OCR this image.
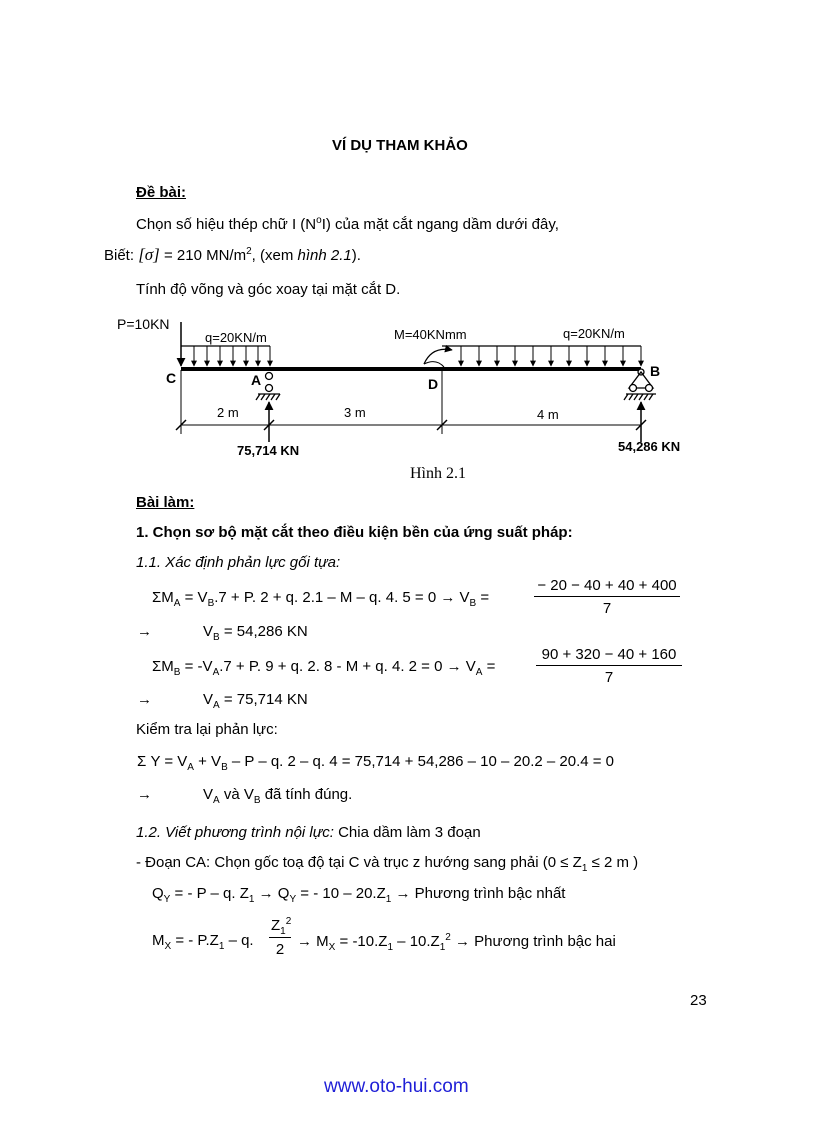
VÍ DỤ THAM KHẢO
Đề bài:
Chọn số hiệu thép chữ I $(N^oI)$ của mặt cắt ngang dầm dưới đây,
Biết: [σ] = 210 $MN/m^2$, (xem hình 2.1).
Tính độ võng và góc xoay tại mặt cắt D.
P=10KN
q=20KN/m	M=40KNmm	q=20KN/m
C	A	D
B
2 m	3 m	4 m
75,714 KN	54,286 KN
Hình 2.1
Bài làm:
1. Chọn sơ bộ mặt cắt theo điều kiện bền của ứng suất pháp:
1.1. Xác định phản lực gối tựa:
$\Sigma M_A = V_B.7 + P$. 2 + q. 2.1 – M – q. 4. $5 = 0 \to V_B$ =	$\frac{- 20 - 40 + 40 + 400}{7}$
→	$V_B = 54,286$ KN
$\Sigma M_B = -V_A.7 + P$. 9 + q. 2. 8 - M + q. 4. $2 = 0 \to V_A$ =	$\frac{90 + 320 - 40 + 160}{7}$
→	$V_A = 75,714$ KN
Kiểm tra lại phản lực:
Σ $Y = V_A + V_B - P - q$. 2 – q. 4 = 75,714 + 54,286 – 10 – 20.2 – 20.4 = 0
→	$V_A$ và $V_B$ đã tính đúng.
1.2. Viết phương trình nội lực: Chia dầm làm 3 đoạn
- Đoạn CA: Chọn gốc toạ độ tại C và trục z hướng sang phải ($0 \le Z_1 \le 2$ m )
$Q_Y$ = - P – q. $Z_1 \to Q_Y$ = - $10 - 20.Z_1$ → Phương trình bậc nhất
$M_X$ = - $P.Z_1$ – q. $\frac{Z_1^2}{2} \to M_X = -10.Z_1 - 10.Z_1^2$ → Phương trình bậc hai
23
www.oto-hui.com
